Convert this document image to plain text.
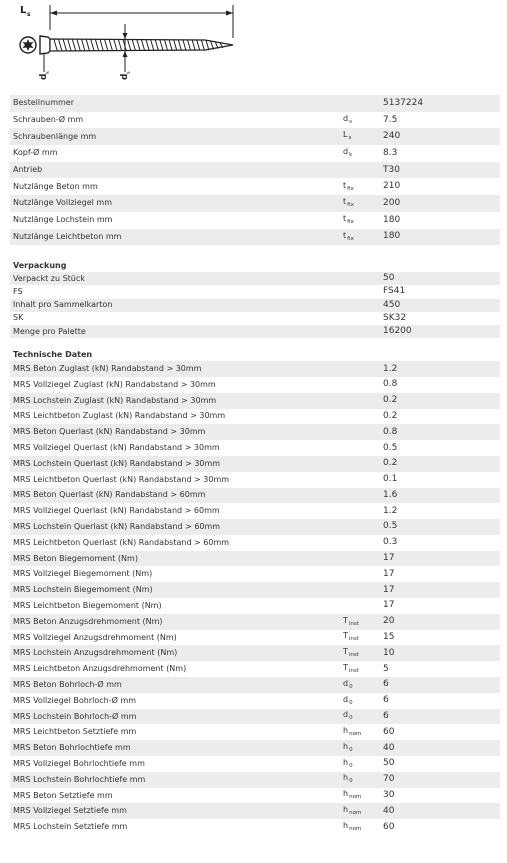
L s
d
k
d
s
Bestellnummer	5137224
Schrauben-Ø mm	$d_s$	7.5
Schraubenlänge mm	$L_s$	240
Kopf-Ø mm	$d_k$	8.3
Antrieb	T30
Nutzlänge Beton mm	$t_{fix}$	210
Nutzlänge Vollziegel mm	$t_{fix}$	200
Nutzlänge Lochstein mm	$t_{fix}$	180
Nutzlänge Leichtbeton mm	$t_{fix}$	180
Verpackung
Verpackt zu Stück	50
FS	FS41
Inhalt pro Sammelkarton	450
SK	SK32
Menge pro Palette	16200
Technische Daten
MRS Beton Zuglast (kN) Randabstand > 30mm	1.2
MRS Vollziegel Zuglast (kN) Randabstand > 30mm	0.8
MRS Lochstein Zuglast (kN) Randabstand > 30mm	0.2
MRS Leichtbeton Zuglast (kN) Randabstand > 30mm	0.2
MRS Beton Querlast (kN) Randabstand > 30mm	0.8
MRS Vollziegel Querlast (kN) Randabstand > 30mm	0.5
MRS Lochstein Querlast (kN) Randabstand > 30mm	0.2
MRS Leichtbeton Querlast (kN) Randabstand > 30mm	0.1
MRS Beton Querlast (kN) Randabstand > 60mm	1.6
MRS Vollziegel Querlast (kN) Randabstand > 60mm	1.2
MRS Lochstein Querlast (kN) Randabstand > 60mm	0.5
MRS Leichtbeton Querlast (kN) Randabstand > 60mm	0.3
MRS Beton Biegemoment (Nm)	17
MRS Vollziegel Biegemoment (Nm)	17
MRS Lochstein Biegemoment (Nm)	17
MRS Leichtbeton Biegemoment (Nm)	17
MRS Beton Anzugsdrehmoment (Nm)	$T_{inst}$	20
MRS Vollziegel Anzugsdrehmoment (Nm)	$T_{inst}$	15
MRS Lochstein Anzugsdrehmoment (Nm)	$T_{inst}$	10
MRS Leichtbeton Anzugsdrehmoment (Nm)	$T_{inst}$	5
MRS Beton Bohrloch-Ø mm	$d_0$	6
MRS Vollziegel Bohrloch-Ø mm	$d_0$	6
MRS Lochstein Bohrloch-Ø mm	$d_0$	6
MRS Leichtbeton Setztiefe mm	$h_{nom}$	60
MRS Beton Bohrlochtiefe mm	$h_0$	40
MRS Vollziegel Bohrlochtiefe mm	$h_0$	50
MRS Lochstein Bohrlochtiefe mm	$h_0$	70
MRS Beton Setztiefe mm	$h_{nom}$	30
MRS Vollziegel Setztiefe mm	$h_{nom}$	40
MRS Lochstein Setztiefe mm	$h_{nom}$	60
